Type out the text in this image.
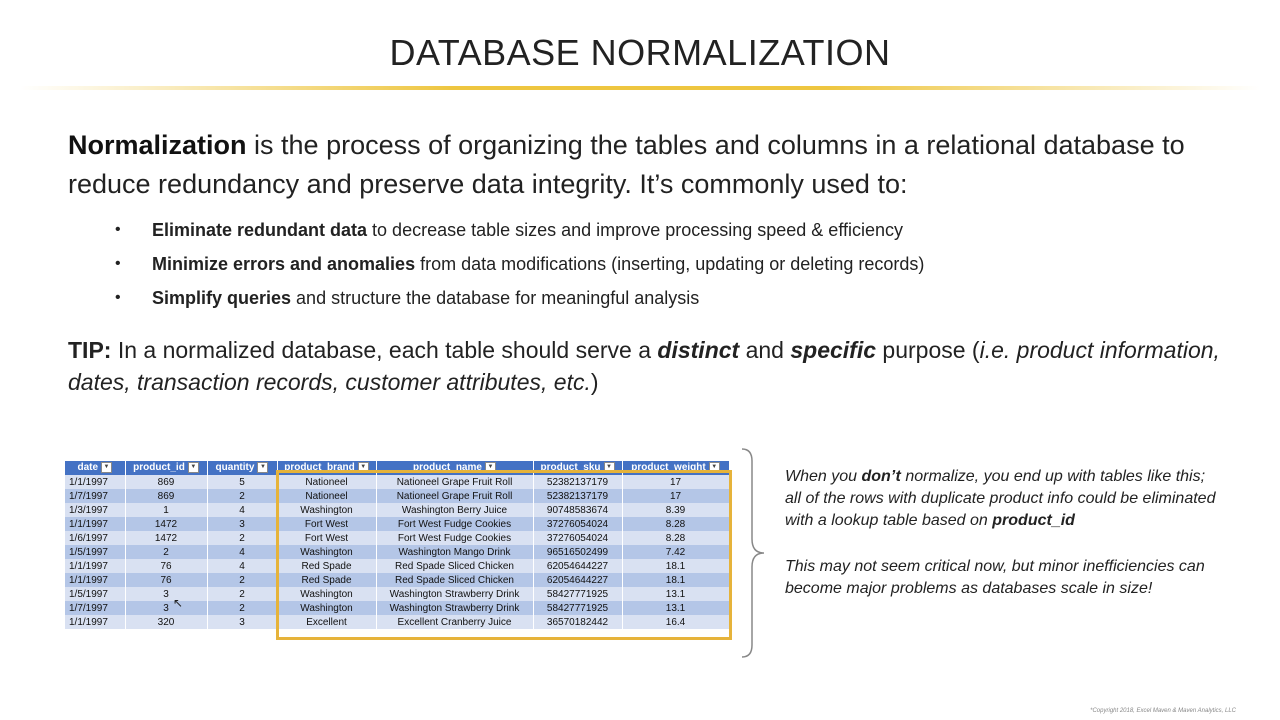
DATABASE NORMALIZATION
Normalization is the process of organizing the tables and columns in a relational database to reduce redundancy and preserve data integrity. It’s commonly used to:
• Eliminate redundant data to decrease table sizes and improve processing speed & efficiency
• Minimize errors and anomalies from data modifications (inserting, updating or deleting records)
• Simplify queries and structure the database for meaningful analysis
TIP: In a normalized database, each table should serve a distinct and specific purpose (i.e. product information, dates, transaction records, customer attributes, etc.)
date ▼	product_id ▼	quantity ▼	product_brand ▼	product_name ▼	product_sku ▼	product_weight ▼
1/1/1997	869	5	Nationeel	Nationeel Grape Fruit Roll	52382137179	17
1/7/1997	869	2	Nationeel	Nationeel Grape Fruit Roll	52382137179	17
1/3/1997	1	4	Washington	Washington Berry Juice	90748583674	8.39
1/1/1997	1472	3	Fort West	Fort West Fudge Cookies	37276054024	8.28
1/6/1997	1472	2	Fort West	Fort West Fudge Cookies	37276054024	8.28
1/5/1997	2	4	Washington	Washington Mango Drink	96516502499	7.42
1/1/1997	76	4	Red Spade	Red Spade Sliced Chicken	62054644227	18.1
1/1/1997	76	2	Red Spade	Red Spade Sliced Chicken	62054644227	18.1
1/5/1997	3	2	Washington	Washington Strawberry Drink	58427771925	13.1
1/7/1997	3	2	Washington	Washington Strawberry Drink	58427771925	13.1
1/1/1997	320	3	Excellent	Excellent Cranberry Juice	36570182442	16.4
↖
When you don’t normalize, you end up with tables like this; all of the rows with duplicate product info could be eliminated with a lookup table based on product_id
This may not seem critical now, but minor inefficiencies can become major problems as databases scale in size!
*Copyright 2018, Excel Maven & Maven Analytics, LLC
